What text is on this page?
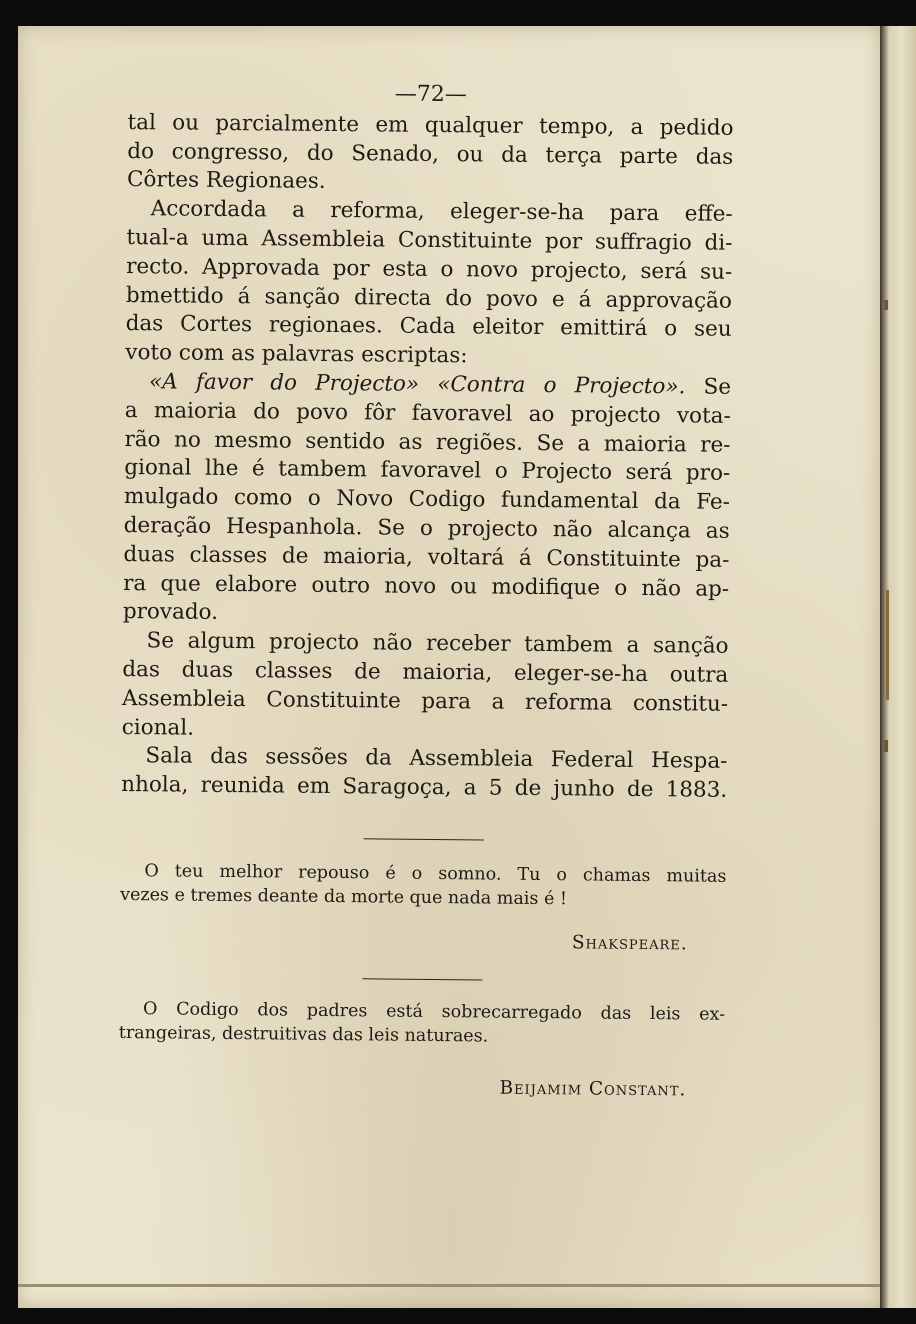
—72—
tal ou parcialmente em qualquer tempo, a pedido
do congresso, do Senado, ou da terça parte das
Côrtes Regionaes.
Accordada a reforma, eleger-se-ha para effe-
tual-a uma Assembleia Constituinte por suffragio di-
recto. Approvada por esta o novo projecto, será su-
bmettido á sanção directa do povo e á approvação
das Cortes regionaes. Cada eleitor emittirá o seu
voto com as palavras escriptas:
«A favor do Projecto» «Contra o Projecto». Se
a maioria do povo fôr favoravel ao projecto vota-
rão no mesmo sentido as regiões. Se a maioria re-
gional lhe é tambem favoravel o Projecto será pro-
mulgado como o Novo Codigo fundamental da Fe-
deração Hespanhola. Se o projecto não alcança as
duas classes de maioria, voltará á Constituinte pa-
ra que elabore outro novo ou modifique o não ap-
provado.
Se algum projecto não receber tambem a sanção
das duas classes de maioria, eleger-se-ha outra
Assembleia Constituinte para a reforma constitu-
cional.
Sala das sessões da Assembleia Federal Hespa-
nhola, reunida em Saragoça, a 5 de junho de 1883.
O teu melhor repouso é o somno. Tu o chamas muitas
vezes e tremes deante da morte que nada mais é !
Shakspeare.
O Codigo dos padres está sobrecarregado das leis ex-
trangeiras, destruitivas das leis naturaes.
Beijamim Constant.
